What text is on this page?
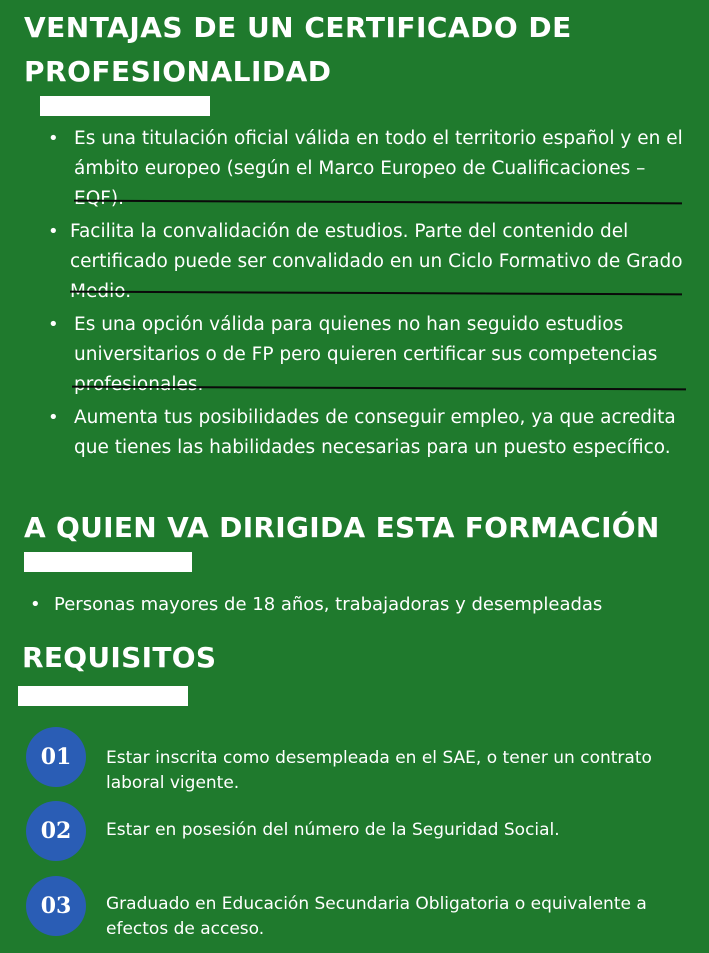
VENTAJAS DE UN CERTIFICADO DE PROFESIONALIDAD
• Es una titulación oficial válida en todo el territorio español y en el ámbito europeo (según el Marco Europeo de Cualificaciones – EQF).
• Facilita la convalidación de estudios. Parte del contenido del certificado puede ser convalidado en un Ciclo Formativo de Grado Medio.
• Es una opción válida para quienes no han seguido estudios universitarios o de FP pero quieren certificar sus competencias profesionales.
• Aumenta tus posibilidades de conseguir empleo, ya que acredita que tienes las habilidades necesarias para un puesto específico.
A QUIEN VA DIRIGIDA ESTA FORMACIÓN
• Personas mayores de 18 años, trabajadoras y desempleadas
REQUISITOS
01	Estar inscrita como desempleada en el SAE, o tener un contrato laboral vigente.
02	Estar en posesión del número de la Seguridad Social.
03	Graduado en Educación Secundaria Obligatoria o equivalente a efectos de acceso.
